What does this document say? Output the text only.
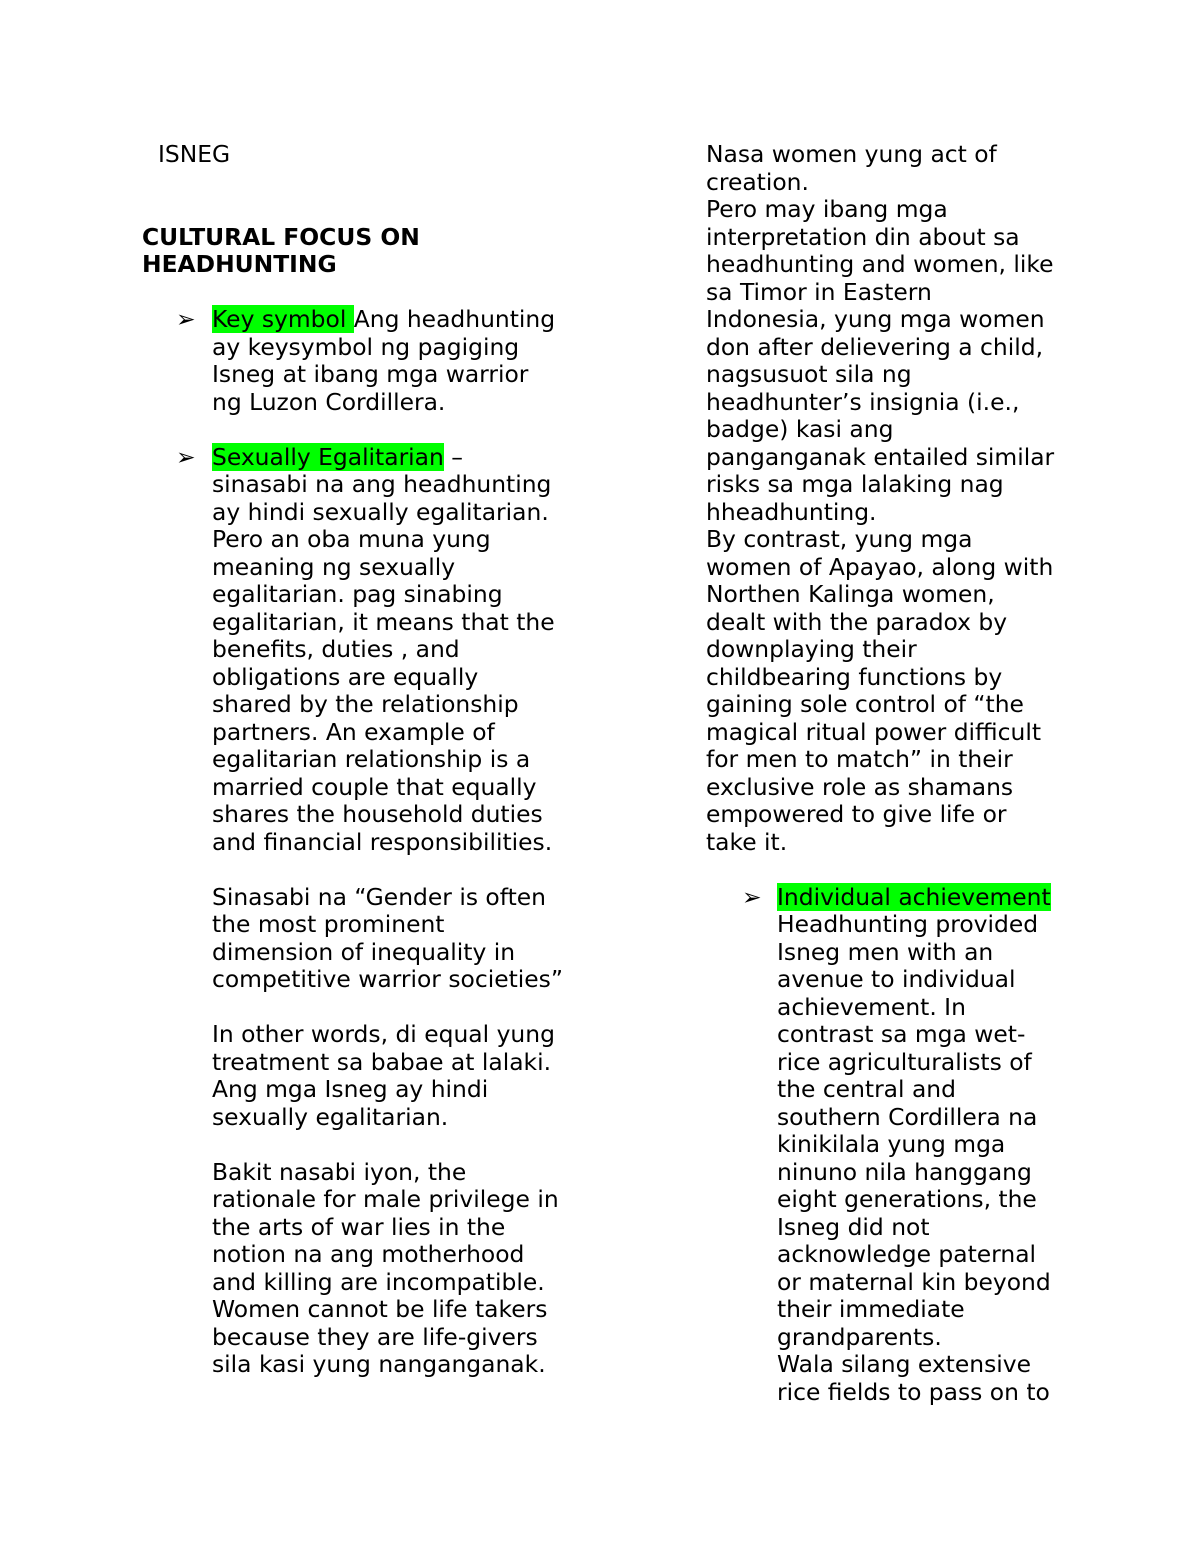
ISNEG
CULTURAL FOCUS ON
HEADHUNTING
➢ Key symbol Ang headhunting
ay keysymbol ng pagiging
Isneg at ibang mga warrior
ng Luzon Cordillera.
➢ Sexually Egalitarian –
sinasabi na ang headhunting
ay hindi sexually egalitarian.
Pero an oba muna yung
meaning ng sexually
egalitarian. pag sinabing
egalitarian, it means that the
benefits, duties , and
obligations are equally
shared by the relationship
partners. An example of
egalitarian relationship is a
married couple that equally
shares the household duties
and financial responsibilities.
Sinasabi na “Gender is often
the most prominent
dimension of inequality in
competitive warrior societies”
In other words, di equal yung
treatment sa babae at lalaki.
Ang mga Isneg ay hindi
sexually egalitarian.
Bakit nasabi iyon, the
rationale for male privilege in
the arts of war lies in the
notion na ang motherhood
and killing are incompatible.
Women cannot be life takers
because they are life-givers
sila kasi yung nanganganak.
Nasa women yung act of
creation.
Pero may ibang mga
interpretation din about sa
headhunting and women, like
sa Timor in Eastern
Indonesia, yung mga women
don after delievering a child,
nagsusuot sila ng
headhunter’s insignia (i.e.,
badge) kasi ang
panganganak entailed similar
risks sa mga lalaking nag
hheadhunting.
By contrast, yung mga
women of Apayao, along with
Northen Kalinga women,
dealt with the paradox by
downplaying their
childbearing functions by
gaining sole control of “the
magical ritual power difficult
for men to match” in their
exclusive role as shamans
empowered to give life or
take it.
➢ Individual achievement
Headhunting provided
Isneg men with an
avenue to individual
achievement. In
contrast sa mga wet-
rice agriculturalists of
the central and
southern Cordillera na
kinikilala yung mga
ninuno nila hanggang
eight generations, the
Isneg did not
acknowledge paternal
or maternal kin beyond
their immediate
grandparents.
Wala silang extensive
rice fields to pass on to
